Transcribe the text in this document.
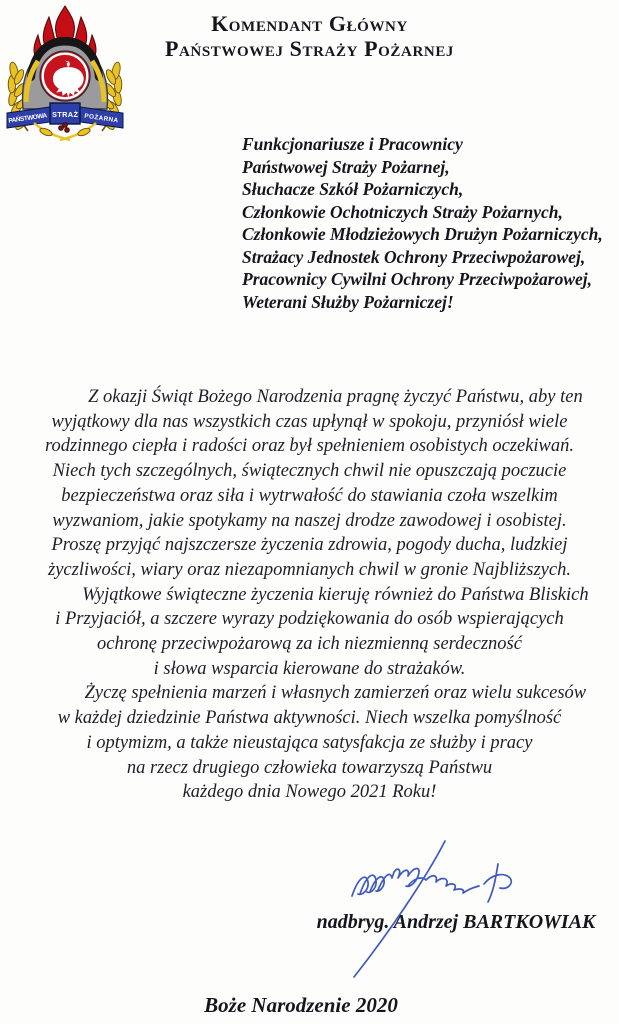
PAŃSTWOWA STRAŻ POŻARNA
Komendant Główny
Państwowej Straży Pożarnej
Funkcjonariusze i Pracownicy
Państwowej Straży Pożarnej,
Słuchacze Szkół Pożarniczych,
Członkowie Ochotniczych Straży Pożarnych,
Członkowie Młodzieżowych Drużyn Pożarniczych,
Strażacy Jednostek Ochrony Przeciwpożarowej,
Pracownicy Cywilni Ochrony Przeciwpożarowej,
Weterani Służby Pożarniczej!
Z okazji Świąt Bożego Narodzenia pragnę życzyć Państwu, aby ten
wyjątkowy dla nas wszystkich czas upłynął w spokoju, przyniósł wiele
rodzinnego ciepła i radości oraz był spełnieniem osobistych oczekiwań.
Niech tych szczególnych, świątecznych chwil nie opuszczają poczucie
bezpieczeństwa oraz siła i wytrwałość do stawiania czoła wszelkim
wyzwaniom, jakie spotykamy na naszej drodze zawodowej i osobistej.
Proszę przyjąć najszczersze życzenia zdrowia, pogody ducha, ludzkiej
życzliwości, wiary oraz niezapomnianych chwil w gronie Najbliższych.
Wyjątkowe świąteczne życzenia kieruję również do Państwa Bliskich
i Przyjaciół, a szczere wyrazy podziękowania do osób wspierających
ochronę przeciwpożarową za ich niezmienną serdeczność
i słowa wsparcia kierowane do strażaków.
Życzę spełnienia marzeń i własnych zamierzeń oraz wielu sukcesów
w każdej dziedzinie Państwa aktywności. Niech wszelka pomyślność
i optymizm, a także nieustająca satysfakcja ze służby i pracy
na rzecz drugiego człowieka towarzyszą Państwu
każdego dnia Nowego 2021 Roku!
nadbryg. Andrzej BARTKOWIAK
Boże Narodzenie 2020
